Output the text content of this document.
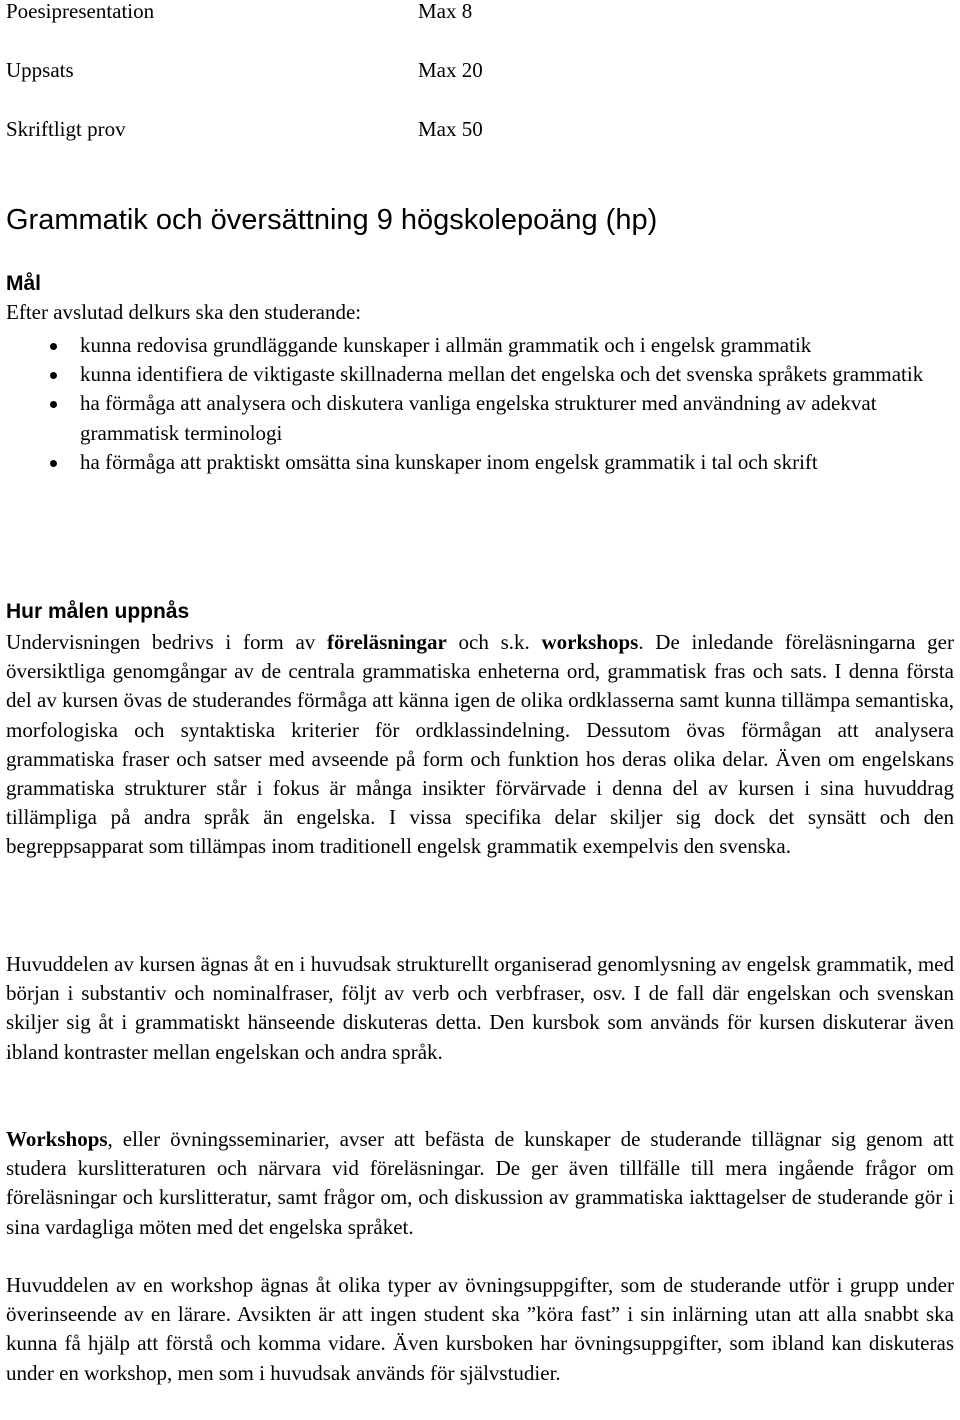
Poesipresentation	Max 8
Uppsats	Max 20
Skriftligt prov	Max 50
Grammatik och översättning 9 högskolepoäng (hp)
Mål
Efter avslutad delkurs ska den studerande:
kunna redovisa grundläggande kunskaper i allmän grammatik och i engelsk grammatik
kunna identifiera de viktigaste skillnaderna mellan det engelska och det svenska språkets grammatik
ha förmåga att analysera och diskutera vanliga engelska strukturer med användning av adekvat grammatisk terminologi
ha förmåga att praktiskt omsätta sina kunskaper inom engelsk grammatik i tal och skrift
Hur målen uppnås

Undervisningen bedrivs i form av föreläsningar och s.k. workshops. De inledande föreläsningarna ger översiktliga genomgångar av de centrala grammatiska enheterna ord, grammatisk fras och sats. I denna första del av kursen övas de studerandes förmåga att känna igen de olika ordklasserna samt kunna tillämpa semantiska, morfologiska och syntaktiska kriterier för ordklassindelning. Dessutom övas förmågan att analysera grammatiska fraser och satser med avseende på form och funktion hos deras olika delar. Även om engelskans grammatiska strukturer står i fokus är många insikter förvärvade i denna del av kursen i sina huvuddrag tillämpliga på andra språk än engelska. I vissa specifika delar skiljer sig dock det synsätt och den begreppsapparat som tillämpas inom traditionell engelsk grammatik exempelvis den svenska.

Huvuddelen av kursen ägnas åt en i huvudsak strukturellt organiserad genomlysning av engelsk grammatik, med början i substantiv och nominalfraser, följt av verb och verbfraser, osv. I de fall där engelskan och svenskan skiljer sig åt i grammatiskt hänseende diskuteras detta. Den kursbok som används för kursen diskuterar även ibland kontraster mellan engelskan och andra språk.

Workshops, eller övningsseminarier, avser att befästa de kunskaper de studerande tillägnar sig genom att studera kurslitteraturen och närvara vid föreläsningar. De ger även tillfälle till mera ingående frågor om föreläsningar och kurslitteratur, samt frågor om, och diskussion av grammatiska iakttagelser de studerande gör i sina vardagliga möten med det engelska språket.

Huvuddelen av en workshop ägnas åt olika typer av övningsuppgifter, som de studerande utför i grupp under överinseende av en lärare. Avsikten är att ingen student ska ”köra fast” i sin inlärning utan att alla snabbt ska kunna få hjälp att förstå och komma vidare. Även kursboken har övningsuppgifter, som ibland kan diskuteras under en workshop, men som i huvudsak används för självstudier.
